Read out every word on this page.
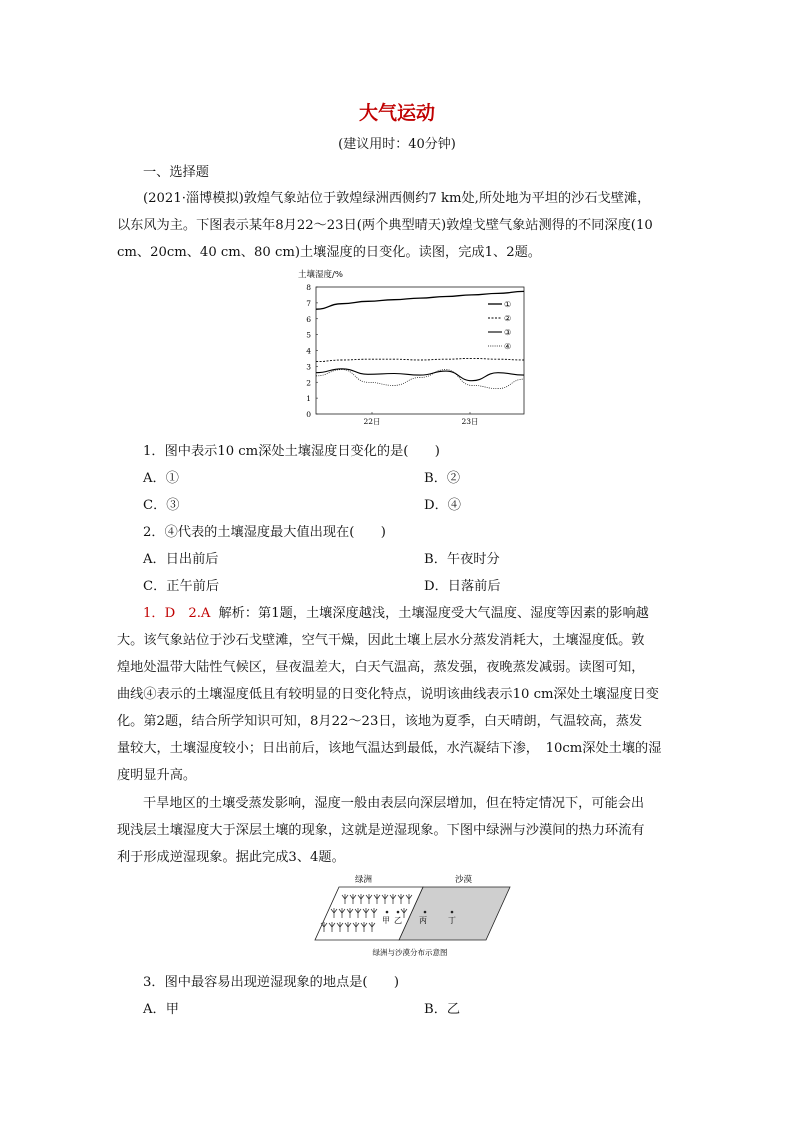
大气运动
(建议用时：40分钟)
一、选择题
(2021·淄博模拟)敦煌气象站位于敦煌绿洲西侧约7 km处,所处地为平坦的沙石戈壁滩，
以东风为主。下图表示某年8月22～23日(两个典型晴天)敦煌戈壁气象站测得的不同深度(10
cm、20cm、40 cm、80 cm)土壤湿度的日变化。读图，完成1、2题。
土壤湿度/%
8
7
6
5
4
3
2
1
0
22日	23日
①
②
③
④
1．图中表示10 cm深处土壤湿度日变化的是(　　)
A．①	B．②
C．③	D．④
2．④代表的土壤湿度最大值出现在(　　)
A．日出前后	B．午夜时分
C．正午前后	D．日落前后
1．D　2.A 解析：第1题，土壤深度越浅，土壤湿度受大气温度、湿度等因素的影响越
大。该气象站位于沙石戈壁滩，空气干燥，因此土壤上层水分蒸发消耗大，土壤湿度低。敦
煌地处温带大陆性气候区，昼夜温差大，白天气温高，蒸发强，夜晚蒸发减弱。读图可知，
曲线④表示的土壤湿度低且有较明显的日变化特点，说明该曲线表示10 cm深处土壤湿度日变
化。第2题，结合所学知识可知，8月22～23日，该地为夏季，白天晴朗，气温较高，蒸发
量较大，土壤湿度较小；日出前后，该地气温达到最低，水汽凝结下渗，　10cm深处土壤的湿
度明显升高。
干旱地区的土壤受蒸发影响，湿度一般由表层向深层增加，但在特定情况下，可能会出
现浅层土壤湿度大于深层土壤的现象，这就是逆湿现象。下图中绿洲与沙漠间的热力环流有
利于形成逆湿现象。据此完成3、4题。
绿洲	沙漠
甲 乙 丙	丁
绿洲与沙漠分布示意图
3．图中最容易出现逆湿现象的地点是(　　)
A．甲	B．乙
